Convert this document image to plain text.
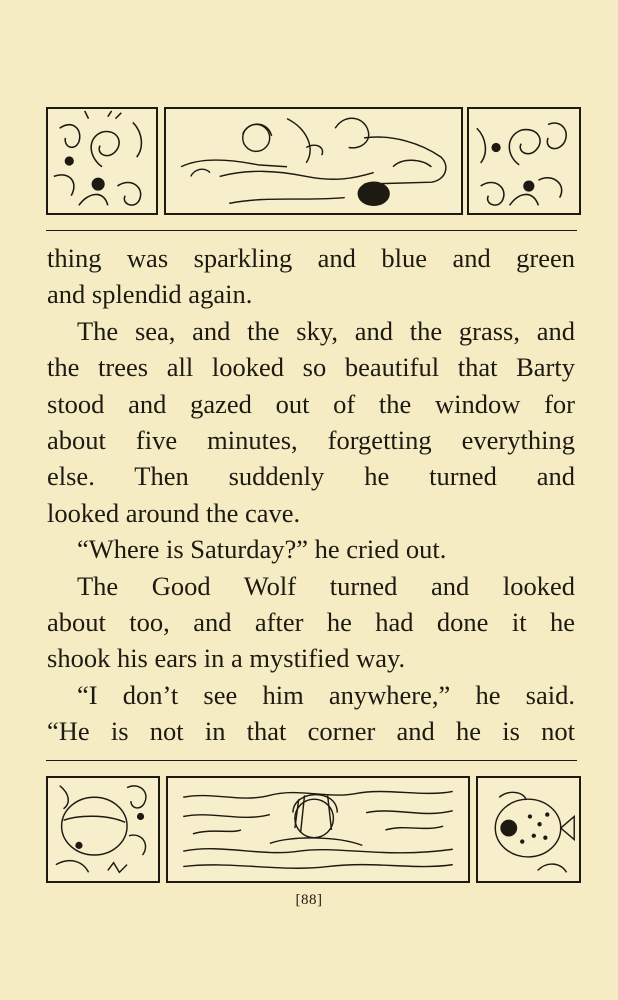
thing was sparkling and blue and green
and splendid again.
The sea, and the sky, and the grass, and
the trees all looked so beautiful that Barty
stood and gazed out of the window for
about five minutes, forgetting everything
else. Then suddenly he turned and
looked around the cave.
“Where is Saturday?” he cried out.
The Good Wolf turned and looked
about too, and after he had done it he
shook his ears in a mystified way.
“I don’t see him anywhere,” he said.
“He is not in that corner and he is not
[88]
